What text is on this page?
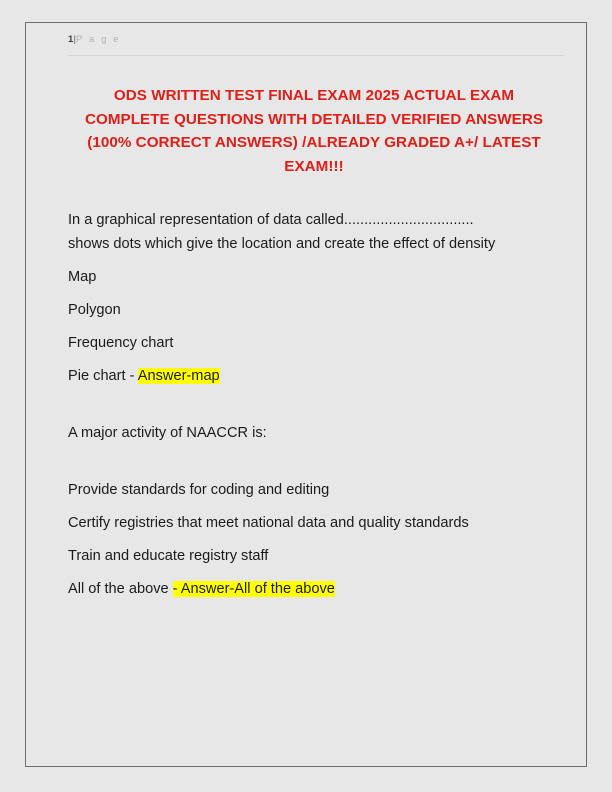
1|P a g e
ODS WRITTEN TEST FINAL EXAM 2025 ACTUAL EXAM COMPLETE QUESTIONS WITH DETAILED VERIFIED ANSWERS (100% CORRECT ANSWERS) /ALREADY GRADED A+/ LATEST EXAM!!!

In a graphical representation of data called................................ shows dots which give the location and create the effect of density

Map

Polygon

Frequency chart

Pie chart - Answer-map

A major activity of NAACCR is:

Provide standards for coding and editing

Certify registries that meet national data and quality standards

Train and educate registry staff

All of the above - Answer-All of the above
